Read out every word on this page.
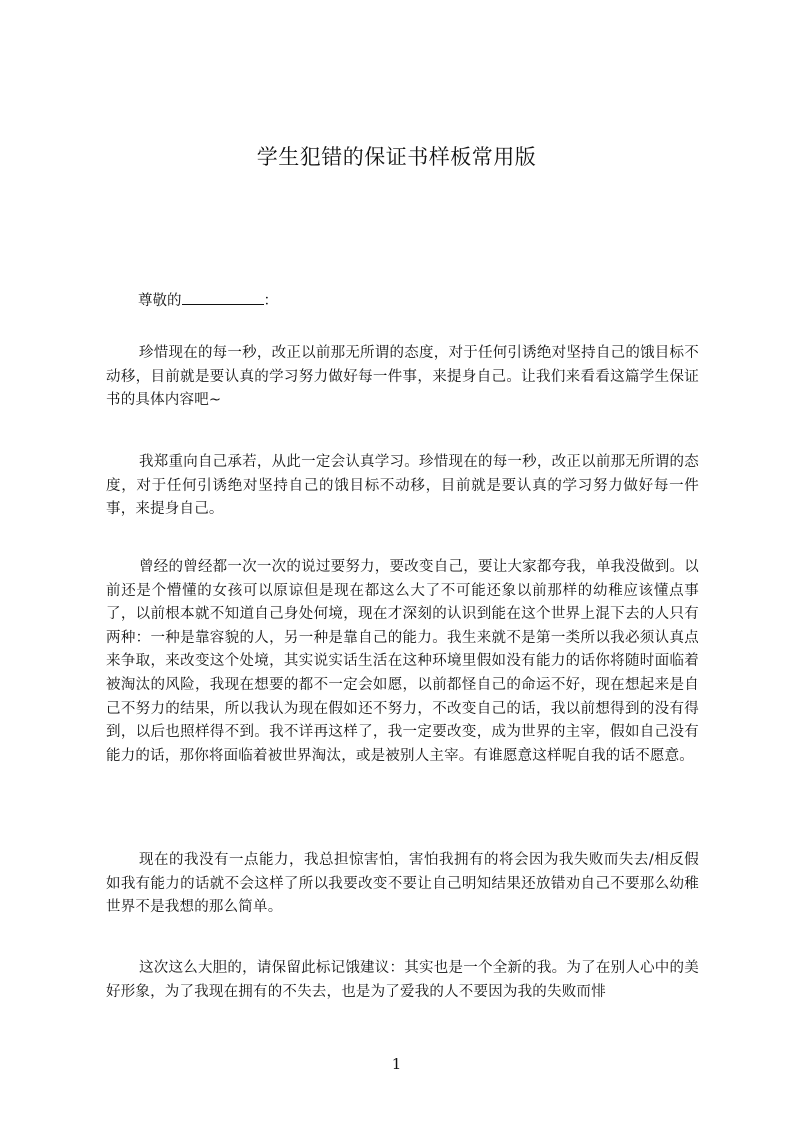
学生犯错的保证书样板常用版
尊敬的	：

珍惜现在的每一秒，改正以前那无所谓的态度，对于任何引诱绝对坚持自己的饿目标不动移，目前就是要认真的学习努力做好每一件事，来提身自己。让我们来看看这篇学生保证书的具体内容吧~

我郑重向自己承若，从此一定会认真学习。珍惜现在的每一秒，改正以前那无所谓的态度，对于任何引诱绝对坚持自己的饿目标不动移，目前就是要认真的学习努力做好每一件事，来提身自己。

曾经的曾经都一次一次的说过要努力，要改变自己，要让大家都夸我，单我没做到。以前还是个懵懂的女孩可以原谅但是现在都这么大了不可能还象以前那样的幼稚应该懂点事了，以前根本就不知道自己身处何境，现在才深刻的认识到能在这个世界上混下去的人只有两种：一种是靠容貌的人，另一种是靠自己的能力。我生来就不是第一类所以我必须认真点来争取，来改变这个处境，其实说实话生活在这种环境里假如没有能力的话你将随时面临着被淘汰的风险，我现在想要的都不一定会如愿，以前都怪自己的命运不好，现在想起来是自己不努力的结果，所以我认为现在假如还不努力，不改变自己的话，我以前想得到的没有得到，以后也照样得不到。我不详再这样了，我一定要改变，成为世界的主宰，假如自己没有能力的话，那你将面临着被世界淘汰，或是被别人主宰。有谁愿意这样呢自我的话不愿意。

现在的我没有一点能力，我总担惊害怕，害怕我拥有的将会因为我失败而失去/相反假如我有能力的话就不会这样了所以我要改变不要让自己明知结果还放错劝自己不要那么幼稚世界不是我想的那么简单。

这次这么大胆的，请保留此标记饿建议：其实也是一个全新的我。为了在别人心中的美好形象，为了我现在拥有的不失去，也是为了爱我的人不要因为我的失败而悱

1
